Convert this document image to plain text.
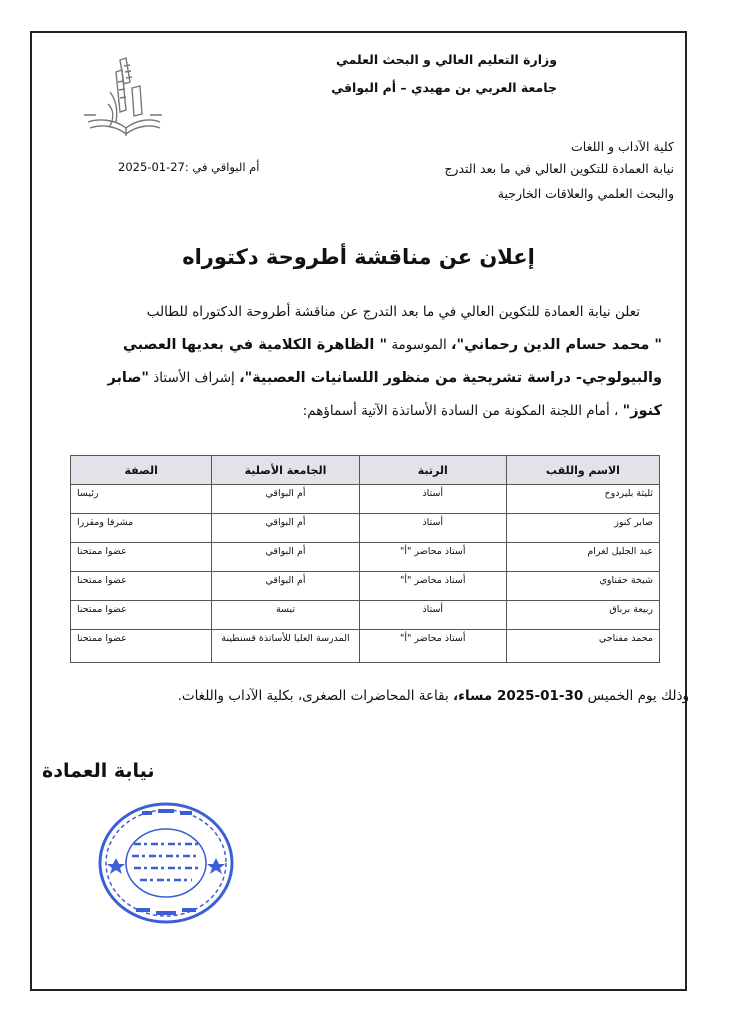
وزارة التعليم العالي و البحث العلمي
جامعة العربي بن مهيدي – أم البواقي
كلية الآداب و اللغات
نيابة العمادة للتكوين العالي في ما بعد التدرج
والبحث العلمي والعلاقات الخارجية
أم البواقي في :27-01-2025
إعلان عن مناقشة أطروحة دكتوراه
تعلن نيابة العمادة للتكوين العالي في ما بعد التدرج عن مناقشة أطروحة الدكتوراه للطالب
" محمد حسام الدين رحماني"، الموسومة " الظاهرة الكلامية في بعديها العصبي
والبيولوجي- دراسة تشريحية من منظور اللسانيات العصبية"، إشراف الأستاذ "صابر
كنوز" ، أمام اللجنة المكونة من السادة الأساتذة الآتية أسماؤهم:
الاسم واللقب	الرتبة	الجامعة الأصلية	الصفة
ثليثة بليردوح	أستاذ	أم البواقي	رئيسا
صابر كنوز	أستاذ	أم البواقي	مشرفا ومقررا
عبد الجليل لغرام	أستاذ محاضر "أ"	أم البواقي	عضوا ممتحنا
شيخة حقناوي	أستاذ محاضر "أ"	أم البواقي	عضوا ممتحنا
ربيعة برباق	أستاذ	تبسة	عضوا ممتحنا
محمد مفناجي	أستاذ محاضر "أ"	المدرسة العليا للأساتذة قسنطينة	عضوا ممتحنا
وذلك يوم الخميس 30-01-2025 مساء، بقاعة المحاضرات الصغرى، بكلية الآداب واللغات.
نيابة العمادة
